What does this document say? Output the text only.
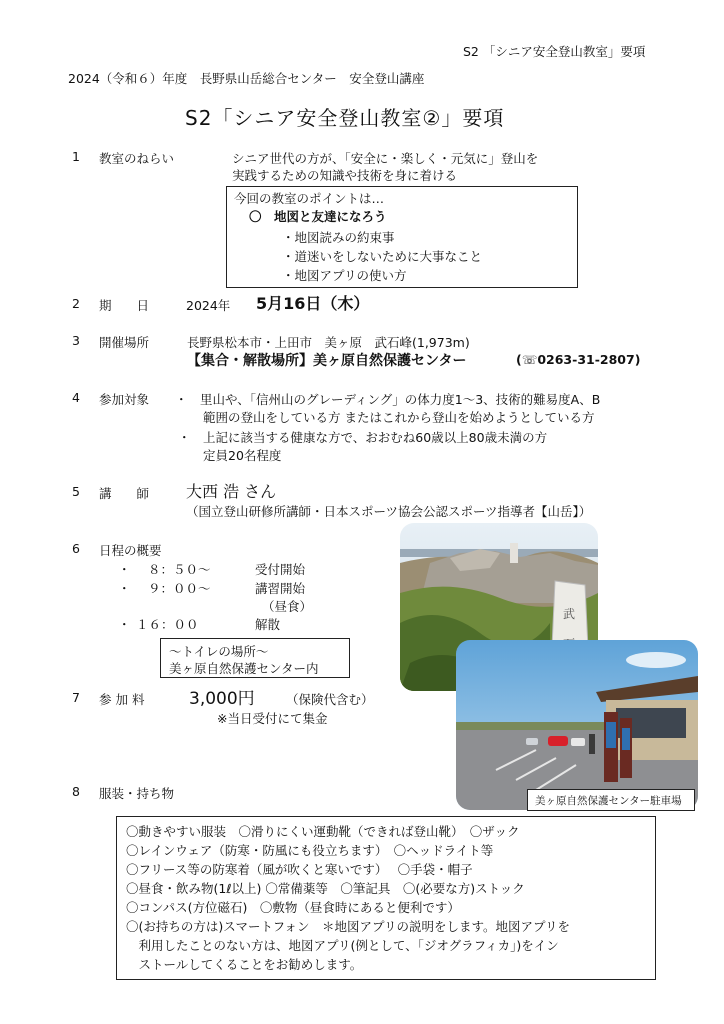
S2 「シニア安全登山教室」要項
2024（令和６）年度　長野県山岳総合センター　安全登山講座
S2「シニア安全登山教室②」要項
1 教室のねらい	シニア世代の方が、「安全に・楽しく・元気に」登山を
実践するための知識や技術を身に着ける
今回の教室のポイントは…
〇　地図と友達になろう
・地図読みの約束事
・道迷いをしないために大事なこと
・地図アプリの使い方
2 期　　日	2024年 5月16日（木）
3 開催場所	長野県松本市・上田市　美ヶ原　武石峰(1,973m)
【集合・解散場所】美ヶ原自然保護センター	(☏0263-31-2807)
4 参加対象 ・　里山や、「信州山のグレーディング」の体力度1～3、技術的難易度A、B
範囲の登山をしている方 またはこれから登山を始めようとしている方
・　上記に該当する健康な方で、おおむね60歳以上80歳未満の方
定員20名程度
5 講　　師 大西 浩 さん
（国立登山研修所講師・日本スポーツ協会公認スポーツ指導者【山岳】）
6 日程の概要
・ ８：５０～	受付開始
・ ９：００～	講習開始
（昼食）
・ １６：００	解散
～トイレの場所～
美ヶ原自然保護センター内
7 参 加 料	3,000円	（保険代含む）
※当日受付にて集金
8 服装・持ち物
〇動きやすい服装　〇滑りにくい運動靴（できれば登山靴）　〇ザック
〇レインウェア（防寒・防風にも役立ちます）　〇ヘッドライト等
〇フリース等の防寒着（風が吹くと寒いです）　 〇手袋・帽子
〇昼食・飲み物(1ℓ以上) 〇常備薬等　〇筆記具　〇(必要な方)ストック
〇コンパス(方位磁石)　〇敷物（昼食時にあると便利です）
〇(お持ちの方は)スマートフォン　＊地図アプリの説明をします。地図アプリを
　利用したことのない方は、地図アプリ(例として、「ジオグラフィカ」)をイン
　ストールしてくることをお勧めします。
武
美ヶ原自然保護センター駐車場
